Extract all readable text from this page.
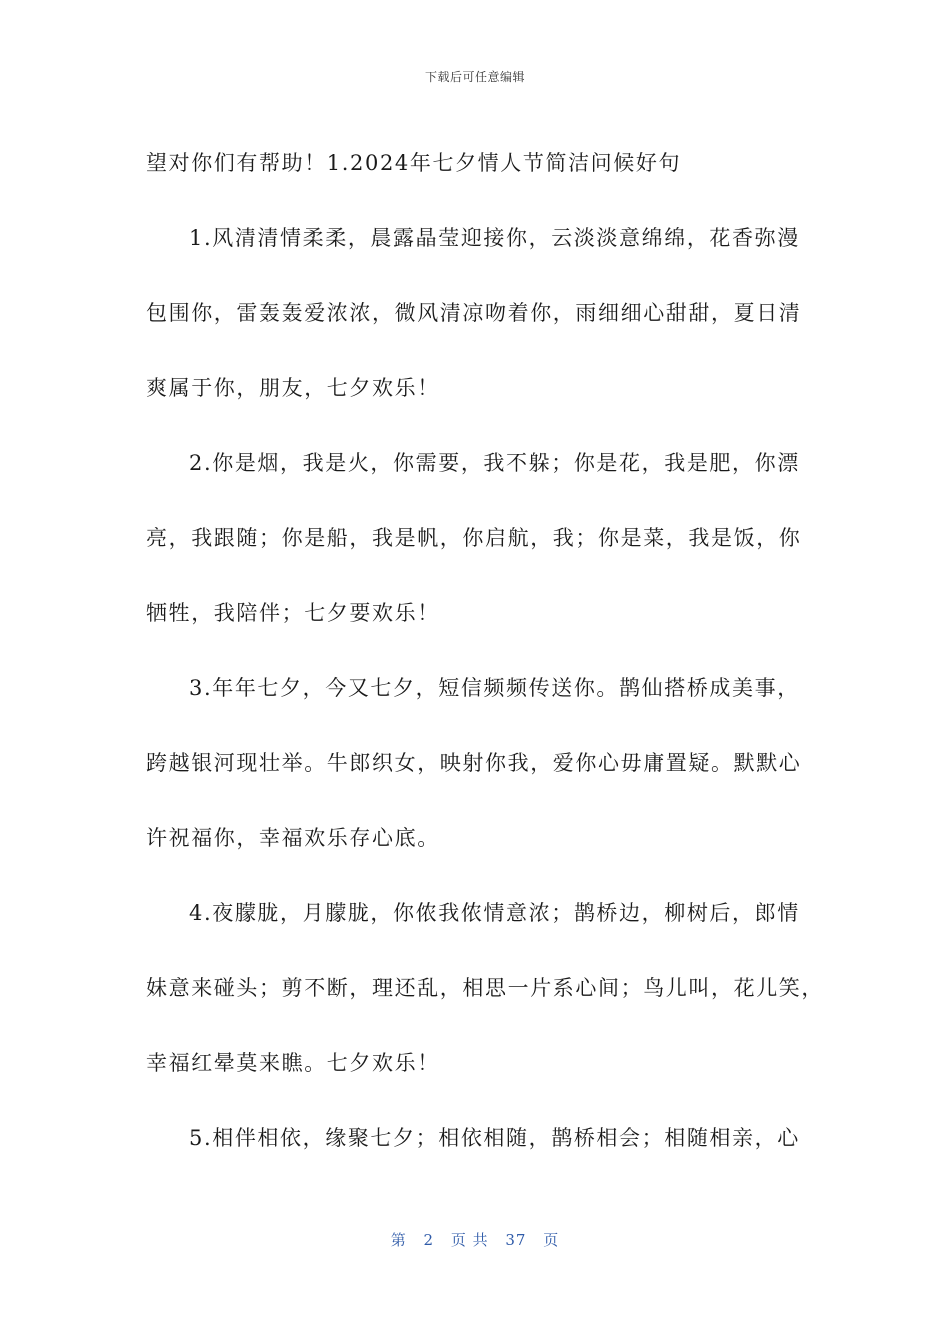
下载后可任意编辑
望对你们有帮助！1.2024年七夕情人节简洁问候好句
1.风清清情柔柔，晨露晶莹迎接你，云淡淡意绵绵，花香弥漫
包围你，雷轰轰爱浓浓，微风清凉吻着你，雨细细心甜甜，夏日清
爽属于你，朋友，七夕欢乐！
2.你是烟，我是火，你需要，我不躲；你是花，我是肥，你漂
亮，我跟随；你是船，我是帆，你启航，我；你是菜，我是饭，你
牺牲，我陪伴；七夕要欢乐！
3.年年七夕，今又七夕，短信频频传送你。鹊仙搭桥成美事，
跨越银河现壮举。牛郎织女，映射你我，爱你心毋庸置疑。默默心
许祝福你，幸福欢乐存心底。
4.夜朦胧，月朦胧，你侬我侬情意浓；鹊桥边，柳树后，郎情
妹意来碰头；剪不断，理还乱，相思一片系心间；鸟儿叫，花儿笑，
幸福红晕莫来瞧。七夕欢乐！
5.相伴相依，缘聚七夕；相依相随，鹊桥相会；相随相亲，心
第 2 页 共 37 页
